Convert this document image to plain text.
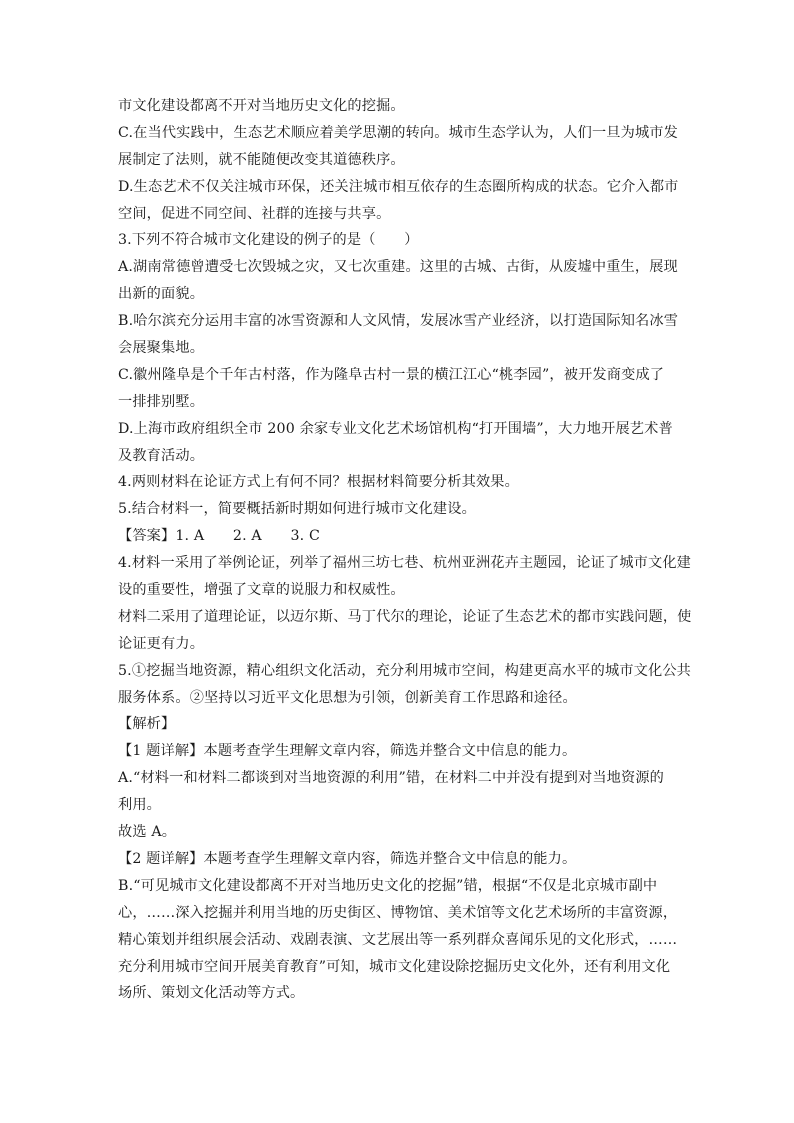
市文化建设都离不开对当地历史文化的挖掘。
C.在当代实践中，生态艺术顺应着美学思潮的转向。城市生态学认为，人们一旦为城市发
展制定了法则，就不能随便改变其道德秩序。
D.生态艺术不仅关注城市环保，还关注城市相互依存的生态圈所构成的状态。它介入都市
空间，促进不同空间、社群的连接与共享。
3.下列不符合城市文化建设的例子的是（　　）
A.湖南常德曾遭受七次毁城之灾，又七次重建。这里的古城、古街，从废墟中重生，展现
出新的面貌。
B.哈尔滨充分运用丰富的冰雪资源和人文风情，发展冰雪产业经济，以打造国际知名冰雪
会展聚集地。
C.徽州隆阜是个千年古村落，作为隆阜古村一景的横江江心“桃李园”，被开发商变成了
一排排别墅。
D.上海市政府组织全市 200 余家专业文化艺术场馆机构“打开围墙”，大力地开展艺术普
及教育活动。
4.两则材料在论证方式上有何不同？根据材料简要分析其效果。
5.结合材料一，简要概括新时期如何进行城市文化建设。
【答案】1. A　　2. A　　3. C
4.材料一采用了举例论证，列举了福州三坊七巷、杭州亚洲花卉主题园，论证了城市文化建
设的重要性，增强了文章的说服力和权威性。
材料二采用了道理论证，以迈尔斯、马丁代尔的理论，论证了生态艺术的都市实践问题，使
论证更有力。
5.①挖掘当地资源，精心组织文化活动，充分利用城市空间，构建更高水平的城市文化公共
服务体系。②坚持以习近平文化思想为引领，创新美育工作思路和途径。
【解析】
【1 题详解】本题考查学生理解文章内容，筛选并整合文中信息的能力。
A.“材料一和材料二都谈到对当地资源的利用”错，在材料二中并没有提到对当地资源的
利用。
故选 A。
【2 题详解】本题考查学生理解文章内容，筛选并整合文中信息的能力。
B.“可见城市文化建设都离不开对当地历史文化的挖掘”错，根据“不仅是北京城市副中
心，……深入挖掘并利用当地的历史街区、博物馆、美术馆等文化艺术场所的丰富资源，
精心策划并组织展会活动、戏剧表演、文艺展出等一系列群众喜闻乐见的文化形式，……
充分利用城市空间开展美育教育”可知，城市文化建设除挖掘历史文化外，还有利用文化
场所、策划文化活动等方式。
